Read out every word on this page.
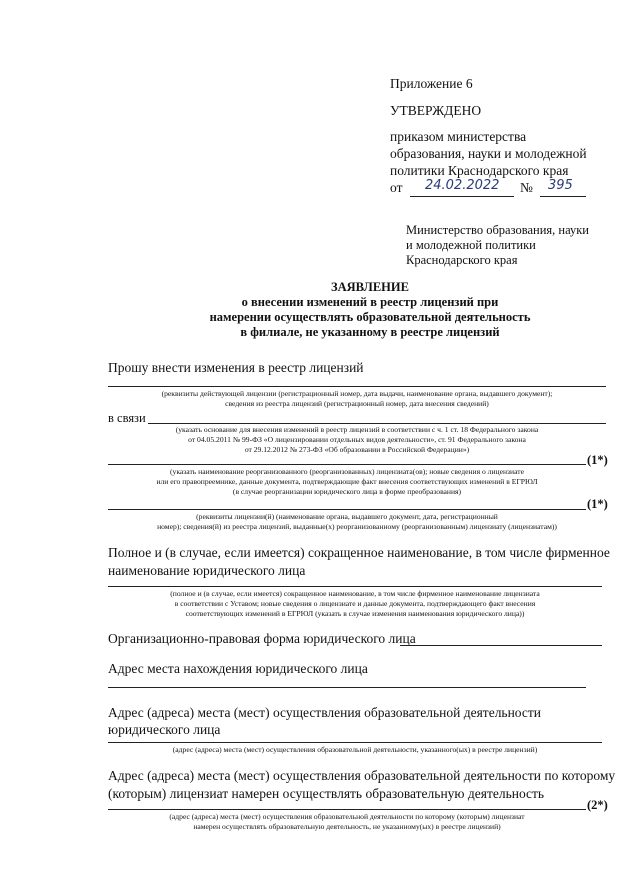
Приложение 6
УТВЕРЖДЕНО
приказом министерства
образования, науки и молодежной
политики Краснодарского края
от 24.02.2022 № 395
Министерство образования, науки
и молодежной политики
Краснодарского края
ЗАЯВЛЕНИЕ
о внесении изменений в реестр лицензий при
намерении осуществлять образовательной деятельность
в филиале, не указанному в реестре лицензий
Прошу внести изменения в реестр лицензий
(реквизиты действующей лицензии (регистрационный номер, дата выдачи, наименование органа, выдавшего документ);
сведения из реестра лицензий (регистрационный номер, дата внесения сведений)
в связи
(указать основание для внесения изменений в реестр лицензий в соответствии с ч. 1 ст. 18 Федерального закона
от 04.05.2011 № 99-ФЗ «О лицензировании отдельных видов деятельности», ст. 91 Федерального закона
от 29.12.2012 № 273-ФЗ «Об образовании в Российской Федерации»)
(1*)
(указать наименование реорганизованного (реорганизованных) лицензиата(ов); новые сведения о лицензиате
или его правопреемнике, данные документа, подтверждающие факт внесения соответствующих изменений в ЕГРЮЛ
(в случае реорганизации юридического лица в форме преобразования)
(1*)
(реквизиты лицензии(й) (наименование органа, выдавшего документ, дата, регистрационный
номер); сведения(й) из реестра лицензий, выданные(х) реорганизованному (реорганизованным) лицензиату (лицензиатам))
Полное и (в случае, если имеется) сокращенное наименование, в том числе фирменное
наименование юридического лица
(полное и (в случае, если имеется) сокращенное наименование, в том числе фирменное наименование лицензиата
в соответствии с Уставом; новые сведения о лицензиате и данные документа, подтверждающего факт внесения
соответствующих изменений в ЕГРЮЛ (указать в случае изменения наименования юридического лица))
Организационно-правовая форма юридического лица
Адрес места нахождения юридического лица
Адрес (адреса) места (мест) осуществления образовательной деятельности
юридического лица
(адрес (адреса) места (мест) осуществления образовательной деятельности, указанного(ых) в реестре лицензий)
Адрес (адреса) места (мест) осуществления образовательной деятельности по которому
(которым) лицензиат намерен осуществлять образовательную деятельность
(2*)
(адрес (адреса) места (мест) осуществления образовательной деятельности по которому (которым) лицензиат
намерен осуществлять образовательную деятельность, не указанному(ых) в реестре лицензий)
